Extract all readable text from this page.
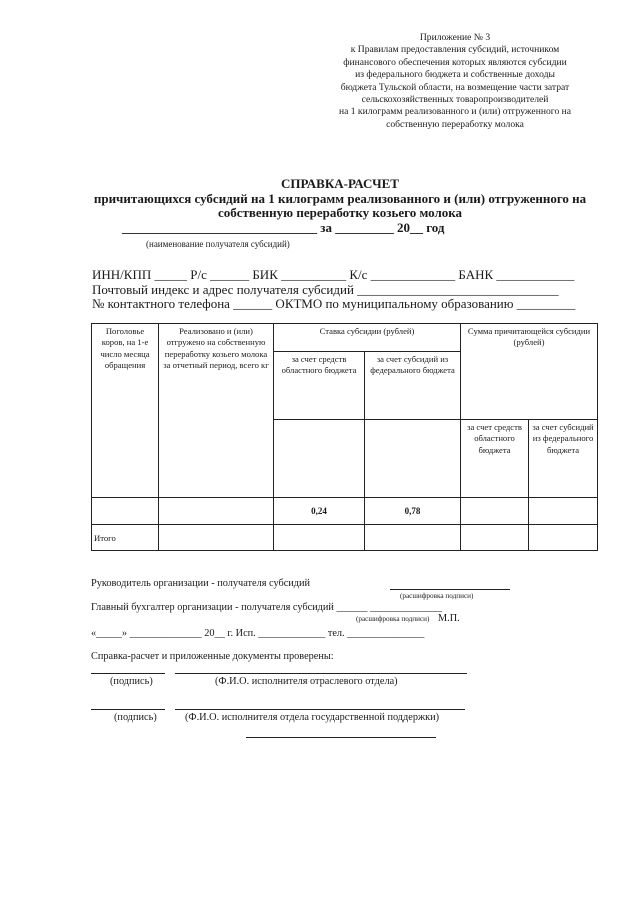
Приложение № 3
к Правилам предоставления субсидий, источником
финансового обеспечения которых являются субсидии
из федерального бюджета и собственные доходы
бюджета Тульской области, на возмещение части затрат
сельскохозяйственных товаропроизводителей
на 1 килограмм реализованного и (или) отгруженного на
собственную переработку молока
СПРАВКА-РАСЧЕТ
причитающихся субсидий на 1 килограмм реализованного и (или) отгруженного на
собственную переработку козьего молока
______________________________ за _________ 20__ год
(наименование получателя субсидий)
ИНН/КПП _____ Р/с ______ БИК __________ К/с _____________ БАНК ____________
Почтовый индекс и адрес получателя субсидий _______________________________
№ контактного телефона ______ ОКТМО по муниципальному образованию _________
Поголовье коров, на 1-е число месяца обращения	Реализовано и (или) отгружено на собственную переработку козьего молока за отчетный период, всего кг	Ставка субсидии (рублей)		Сумма причитающейся субсидии (рублей)	
		за счет средств областного бюджета	за счет субсидий из федерального бюджета		
				за счет средств областного бюджета	за счет субсидий из федерального бюджета
		0,24	0,78		
Итого					
Руководитель организации - получателя субсидий
(расшифровка подписи)
Главный бухгалтер организации - получателя субсидий ______ ______________
(расшифровка подписи) М.П.
«_____» ______________ 20__ г. Исп. _____________ тел. _______________
Справка-расчет и приложенные документы проверены:
(подпись)	(Ф.И.О. исполнителя отраслевого отдела)
(подпись)	(Ф.И.О. исполнителя отдела государственной поддержки)
